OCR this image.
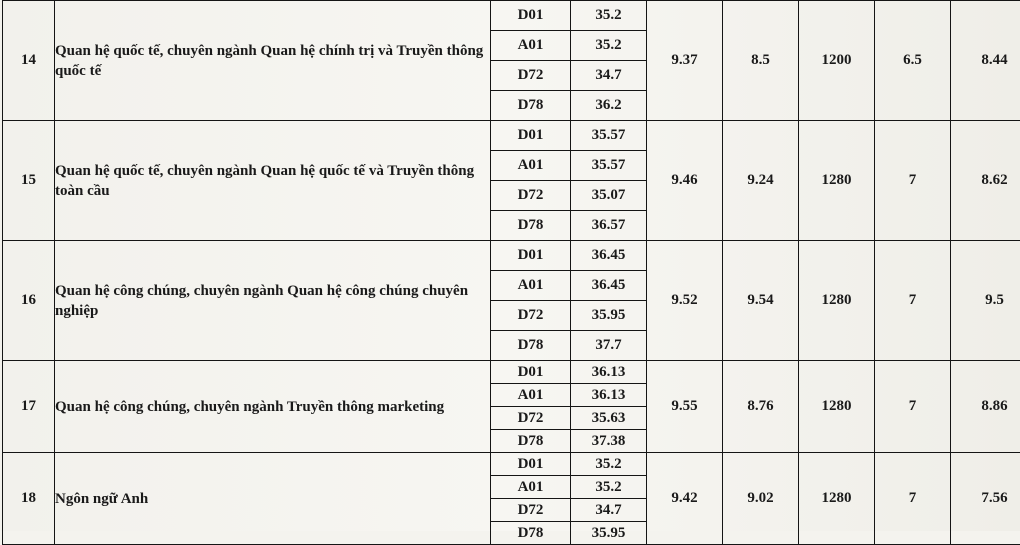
14	Quan hệ quốc tế, chuyên ngành Quan hệ chính trị và Truyền thông quốc tế	D01	35.2	9.37	8.5	1200	6.5	8.44
		A01	35.2					
		D72	34.7					
		D78	36.2					
15	Quan hệ quốc tế, chuyên ngành Quan hệ quốc tế và Truyền thông toàn cầu	D01	35.57	9.46	9.24	1280	7	8.62
		A01	35.57					
		D72	35.07					
		D78	36.57					
16	Quan hệ công chúng, chuyên ngành Quan hệ công chúng chuyên nghiệp	D01	36.45	9.52	9.54	1280	7	9.5
		A01	36.45					
		D72	35.95					
		D78	37.7					
17	Quan hệ công chúng, chuyên ngành Truyền thông marketing	D01	36.13	9.55	8.76	1280	7	8.86
		A01	36.13					
		D72	35.63					
		D78	37.38					
18	Ngôn ngữ Anh	D01	35.2	9.42	9.02	1280	7	7.56
		A01	35.2					
		D72	34.7					
		D78	35.95					
